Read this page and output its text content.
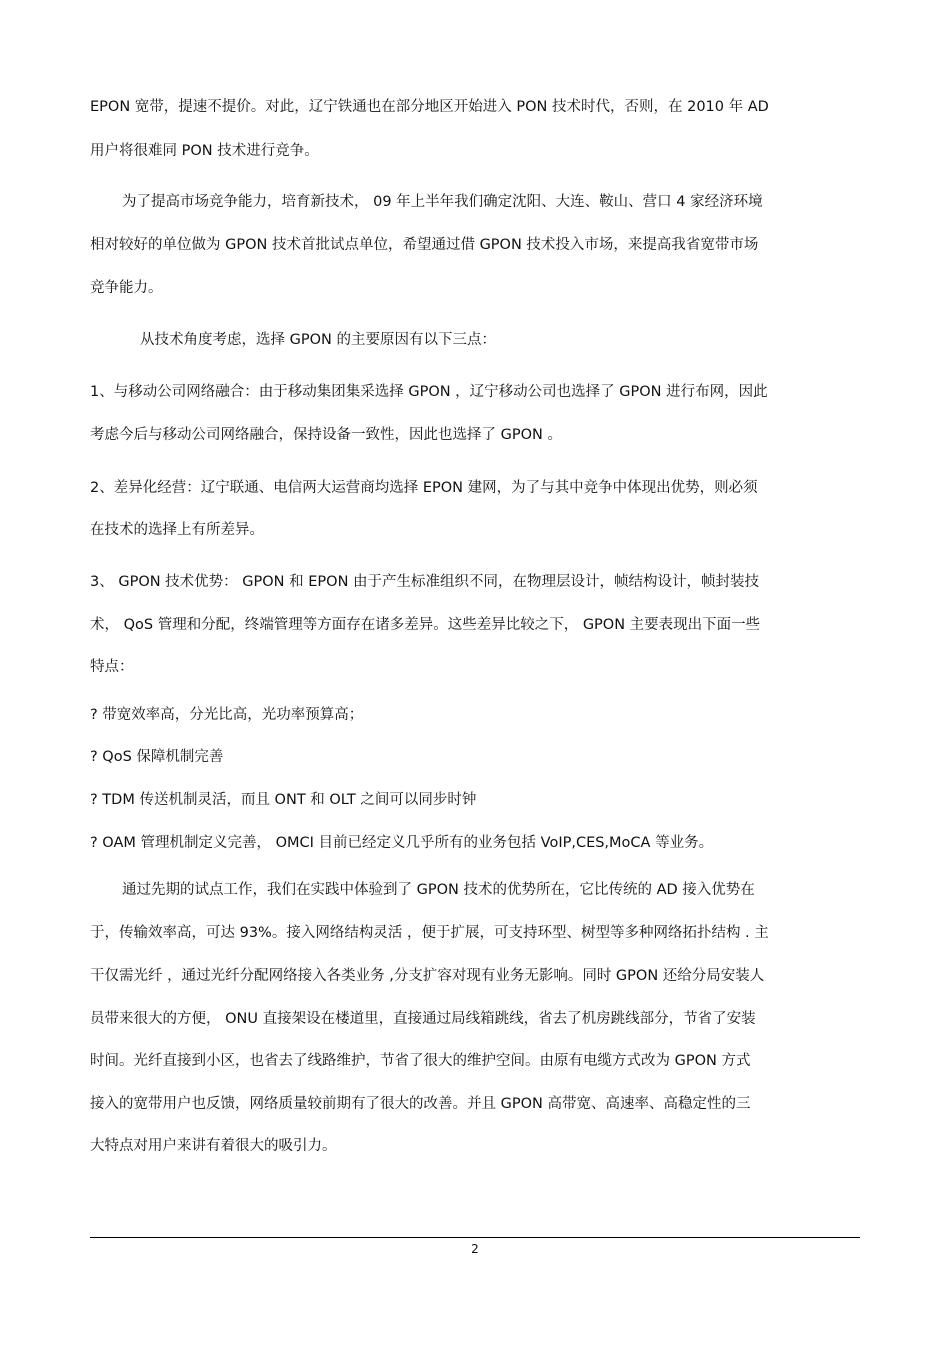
EPON 宽带，提速不提价。对此，辽宁铁通也在部分地区开始进入 PON 技术时代，否则，在 2010 年 AD
用户将很难同 PON 技术进行竞争。
为了提高市场竞争能力，培育新技术， 09 年上半年我们确定沈阳、大连、鞍山、营口 4 家经济环境
相对较好的单位做为 GPON 技术首批试点单位，希望通过借 GPON 技术投入市场，来提高我省宽带市场
竞争能力。
从技术角度考虑，选择 GPON 的主要原因有以下三点：
1、与移动公司网络融合：由于移动集团集采选择 GPON ，辽宁移动公司也选择了 GPON 进行布网，因此
考虑今后与移动公司网络融合，保持设备一致性，因此也选择了 GPON 。
2、差异化经营：辽宁联通、电信两大运营商均选择 EPON 建网，为了与其中竞争中体现出优势，则必须
在技术的选择上有所差异。
3、 GPON 技术优势： GPON 和 EPON 由于产生标准组织不同，在物理层设计，帧结构设计，帧封装技
术， QoS 管理和分配，终端管理等方面存在诸多差异。这些差异比较之下， GPON 主要表现出下面一些
特点：
? 带宽效率高，分光比高，光功率预算高；
? QoS 保障机制完善
? TDM 传送机制灵活，而且 ONT 和 OLT 之间可以同步时钟
? OAM 管理机制定义完善， OMCI 目前已经定义几乎所有的业务包括 VoIP,CES,MoCA 等业务。
通过先期的试点工作，我们在实践中体验到了 GPON 技术的优势所在，它比传统的 AD 接入优势在
于，传输效率高，可达 93%。接入网络结构灵活 ，便于扩展，可支持环型、树型等多种网络拓扑结构 . 主
干仅需光纤 ，通过光纤分配网络接入各类业务 ,分支扩容对现有业务无影响。同时 GPON 还给分局安装人
员带来很大的方便， ONU 直接架设在楼道里，直接通过局线箱跳线，省去了机房跳线部分，节省了安装
时间。光纤直接到小区，也省去了线路维护，节省了很大的维护空间。由原有电缆方式改为 GPON 方式
接入的宽带用户也反馈，网络质量较前期有了很大的改善。并且 GPON 高带宽、高速率、高稳定性的三
大特点对用户来讲有着很大的吸引力。
2
